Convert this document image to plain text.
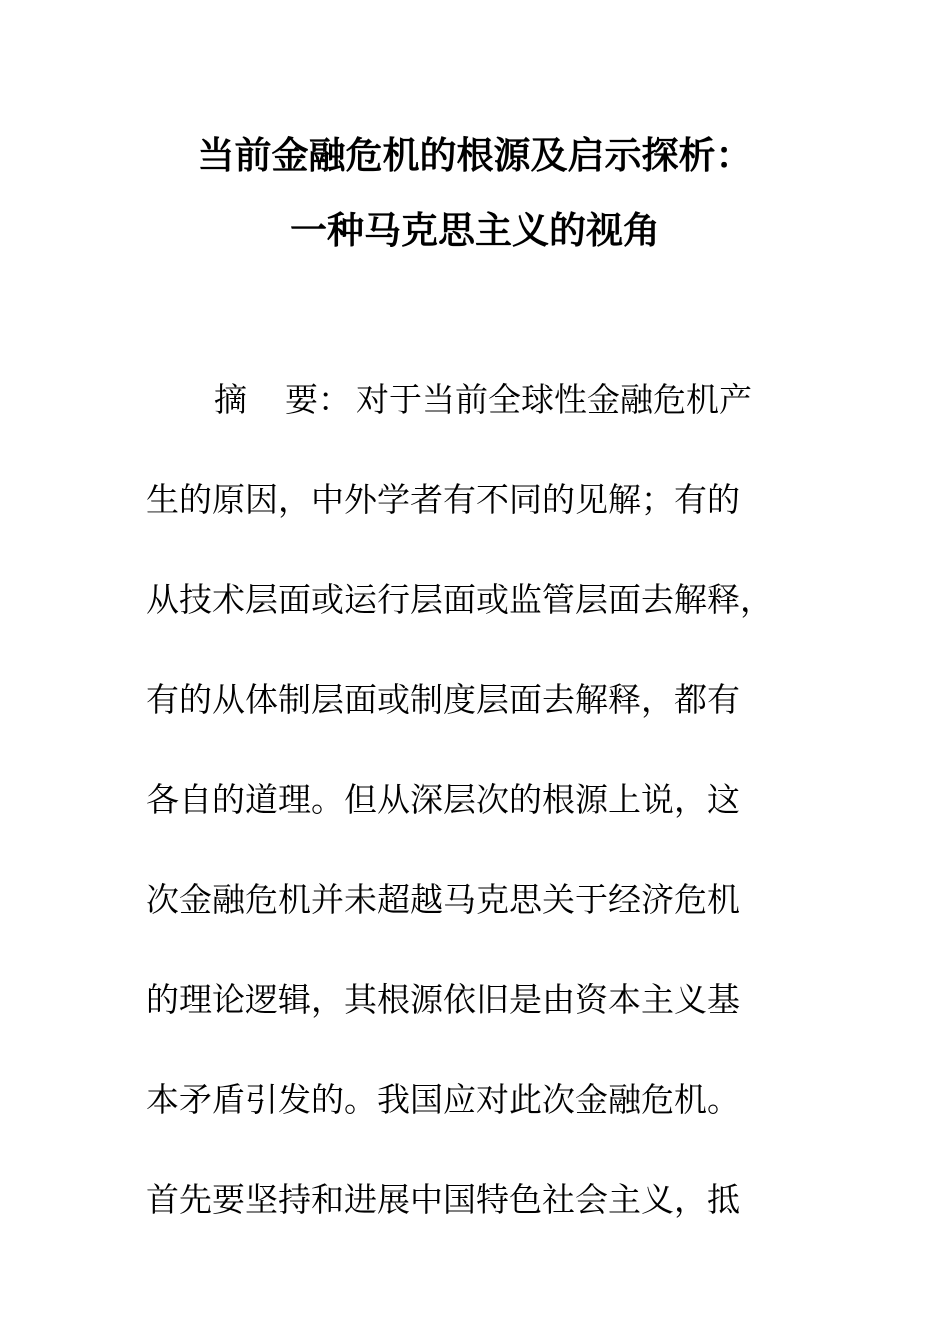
当前金融危机的根源及启示探析：
一种马克思主义的视角
摘 要： 对于当前全球性金融危机产
生的原因，中外学者有不同的见解；有的
从技术层面或运行层面或监管层面去解释，
有的从体制层面或制度层面去解释，都有
各自的道理。但从深层次的根源上说，这
次金融危机并未超越马克思关于经济危机
的理论逻辑，其根源依旧是由资本主义基
本矛盾引发的。我国应对此次金融危机。
首先要坚持和进展中国特色社会主义，抵
